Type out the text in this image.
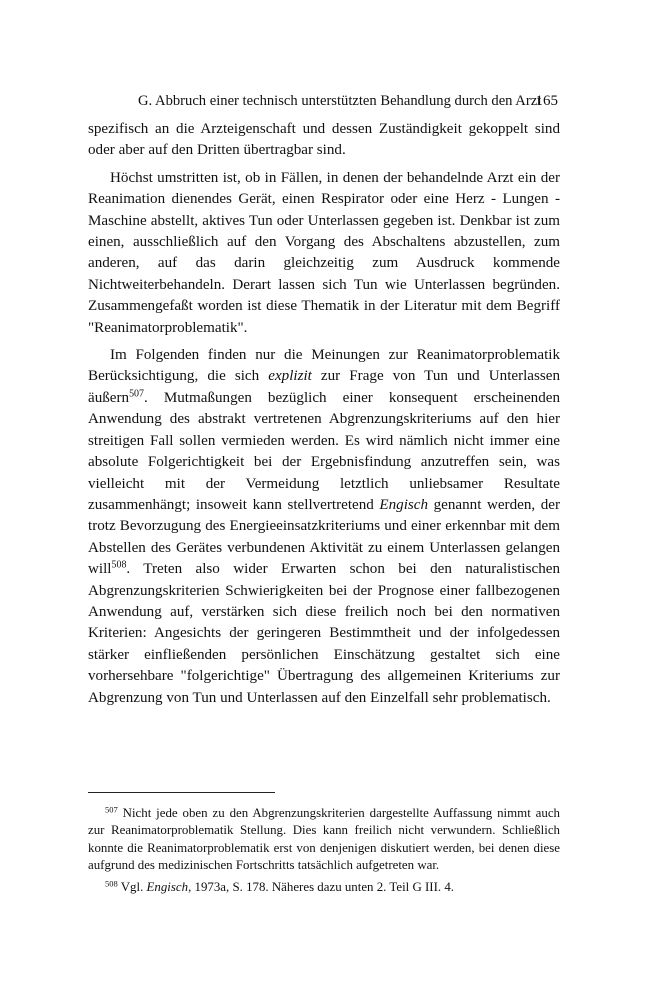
G. Abbruch einer technisch unterstützten Behandlung durch den Arzt
165

spezifisch an die Arzteigenschaft und dessen Zuständigkeit gekoppelt sind oder aber auf den Dritten übertragbar sind.

Höchst umstritten ist, ob in Fällen, in denen der behandelnde Arzt ein der Reanimation dienendes Gerät, einen Respirator oder eine Herz - Lungen - Maschine abstellt, aktives Tun oder Unterlassen gegeben ist. Denkbar ist zum einen, ausschließlich auf den Vorgang des Abschaltens abzustellen, zum anderen, auf das darin gleichzeitig zum Ausdruck kommende Nichtweiterbehandeln. Derart lassen sich Tun wie Unterlassen begründen. Zusammengefaßt worden ist diese Thematik in der Literatur mit dem Begriff "Reanimatorproblematik".

Im Folgenden finden nur die Meinungen zur Reanimatorproblematik Berücksichtigung, die sich explizit zur Frage von Tun und Unterlassen äußern$^{507}$. Mutmaßungen bezüglich einer konsequent erscheinenden Anwendung des abstrakt vertretenen Abgrenzungskriteriums auf den hier streitigen Fall sollen vermieden werden. Es wird nämlich nicht immer eine absolute Folgerichtigkeit bei der Ergebnisfindung anzutreffen sein, was vielleicht mit der Vermeidung letztlich unliebsamer Resultate zusammenhängt; insoweit kann stellvertretend Engisch genannt werden, der trotz Bevorzugung des Energieeinsatzkriteriums und einer erkennbar mit dem Abstellen des Gerätes verbundenen Aktivität zu einem Unterlassen gelangen will$^{508}$. Treten also wider Erwarten schon bei den naturalistischen Abgrenzungskriterien Schwierigkeiten bei der Prognose einer fallbezogenen Anwendung auf, verstärken sich diese freilich noch bei den normativen Kriterien: Angesichts der geringeren Bestimmtheit und der infolgedessen stärker einfließenden persönlichen Einschätzung gestaltet sich eine vorhersehbare "folgerichtige" Übertragung des allgemeinen Kriteriums zur Abgrenzung von Tun und Unterlassen auf den Einzelfall sehr problematisch.

$^{507}$ Nicht jede oben zu den Abgrenzungskriterien dargestellte Auffassung nimmt auch zur Reanimatorproblematik Stellung. Dies kann freilich nicht verwundern. Schließlich konnte die Reanimatorproblematik erst von denjenigen diskutiert werden, bei denen diese aufgrund des medizinischen Fortschritts tatsächlich aufgetreten war.

$^{508}$ Vgl. Engisch, 1973a, S. 178. Näheres dazu unten 2. Teil G III. 4.
